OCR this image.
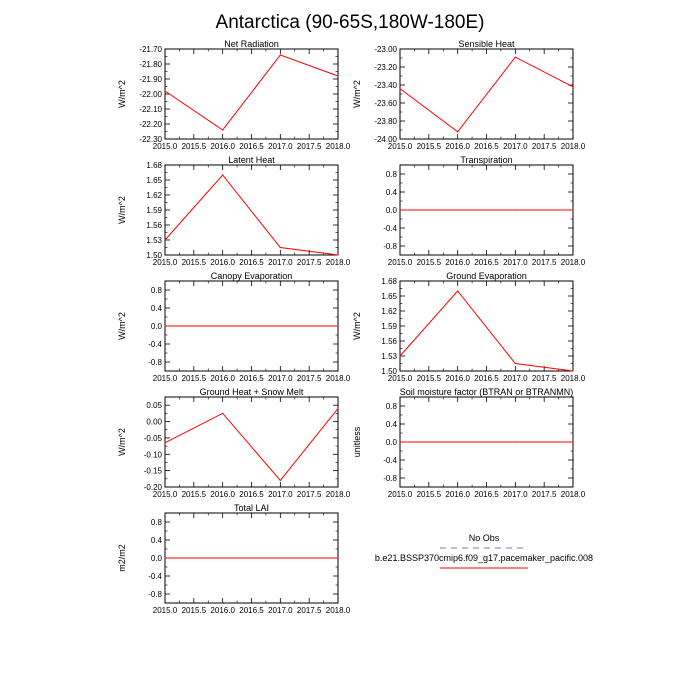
Antarctica (90-65S,180W-180E)
2015.0 2015.5 2016.0 2016.5 2017.0 2017.5 2018.0
-21.70
-21.80
-21.90
-22.00
-22.10
-22.20
-22.30
Net Radiation
W/m^2
2015.0 2015.5 2016.0 2016.5 2017.0 2017.5 2018.0
-23.00
-23.20
-23.40
-23.60
-23.80
-24.00
Sensible Heat
W/m^2
2015.0 2015.5 2016.0 2016.5 2017.0 2017.5 2018.0
1.68
1.65
1.62
1.59
1.56
1.53
1.50
Latent Heat
W/m^2
2015.0 2015.5 2016.0 2016.5 2017.0 2017.5 2018.0
0.8
0.4
0.0
-0.4
-0.8
Transpiration
2015.0 2015.5 2016.0 2016.5 2017.0 2017.5 2018.0
0.8
0.4
0.0
-0.4
-0.8
Canopy Evaporation
W/m^2
2015.0 2015.5 2016.0 2016.5 2017.0 2017.5 2018.0
1.68
1.65
1.62
1.59
1.56
1.53
1.50
Ground Evaporation
W/m^2
2015.0 2015.5 2016.0 2016.5 2017.0 2017.5 2018.0
0.05
0.00
-0.05
-0.10
-0.15
-0.20
Ground Heat + Snow Melt
W/m^2
2015.0 2015.5 2016.0 2016.5 2017.0 2017.5 2018.0
0.8
0.4
0.0
-0.4
-0.8
Soil moisture factor (BTRAN or BTRANMN)
unitless
2015.0 2015.5 2016.0 2016.5 2017.0 2017.5 2018.0
0.8
0.4
0.0
-0.4
-0.8
Total LAI
m2/m2
No Obs
b.e21.BSSP370cmip6.f09_g17.pacemaker_pacific.008
